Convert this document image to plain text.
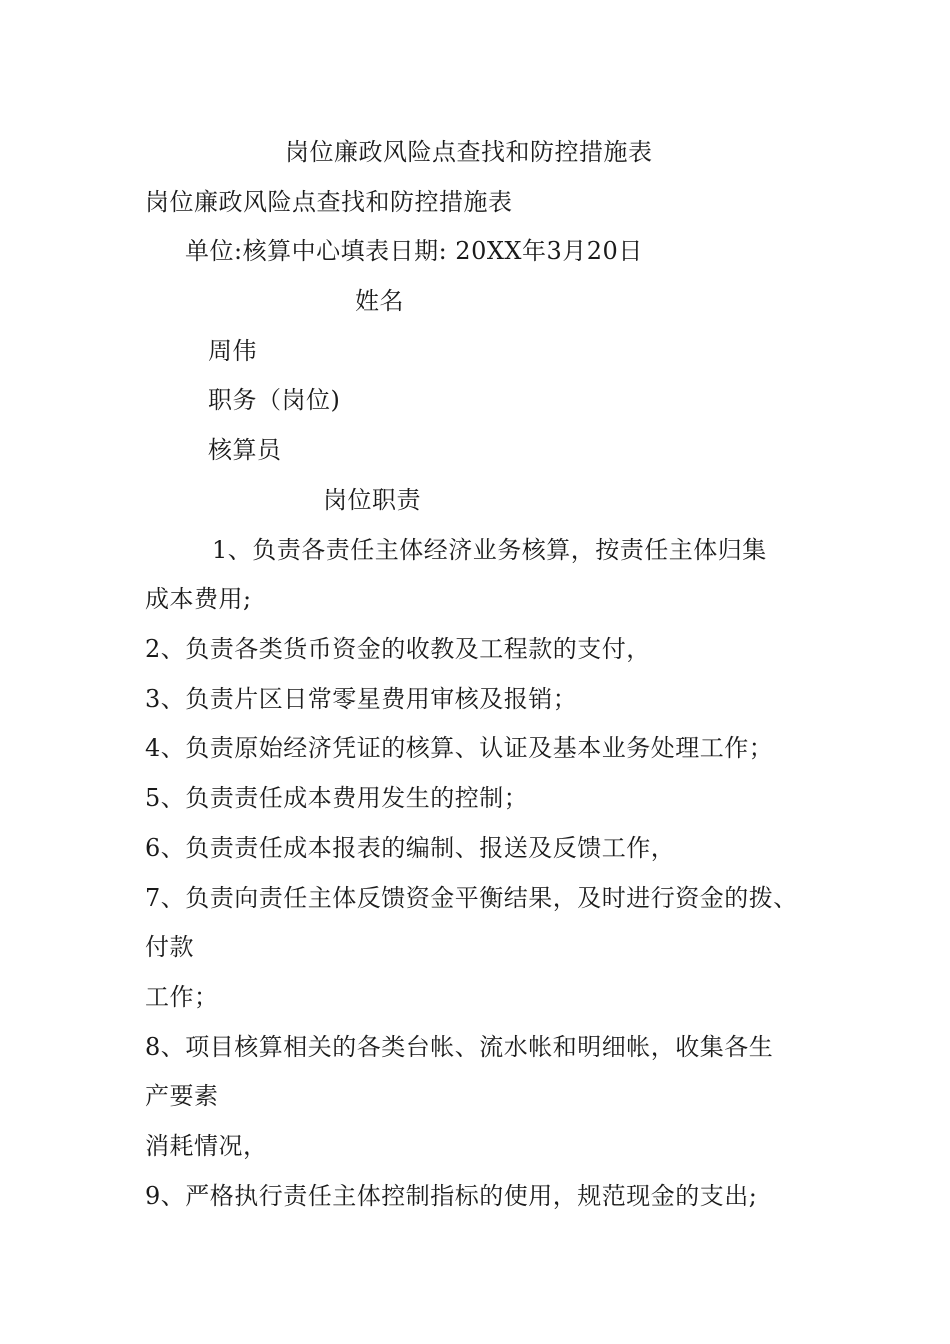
岗位廉政风险点查找和防控措施表
岗位廉政风险点查找和防控措施表
单位:核算中心填表日期: 20XX年3月20日
姓名
周伟
职务（岗位)
核算员
岗位职责
1、负责各责任主体经济业务核算，按责任主体归集
成本费用;
2、负责各类货币资金的收教及工程款的支付，
3、负责片区日常零星费用审核及报销；
4、负责原始经济凭证的核算、认证及基本业务处理工作；
5、负责责任成本费用发生的控制；
6、负责责任成本报表的编制、报送及反馈工作，
7、负责向责任主体反馈资金平衡结果，及时进行资金的拨、
付款
工作；
8、项目核算相关的各类台帐、流水帐和明细帐，收集各生
产要素
消耗情况，
9、严格执行责任主体控制指标的使用，规范现金的支出;
